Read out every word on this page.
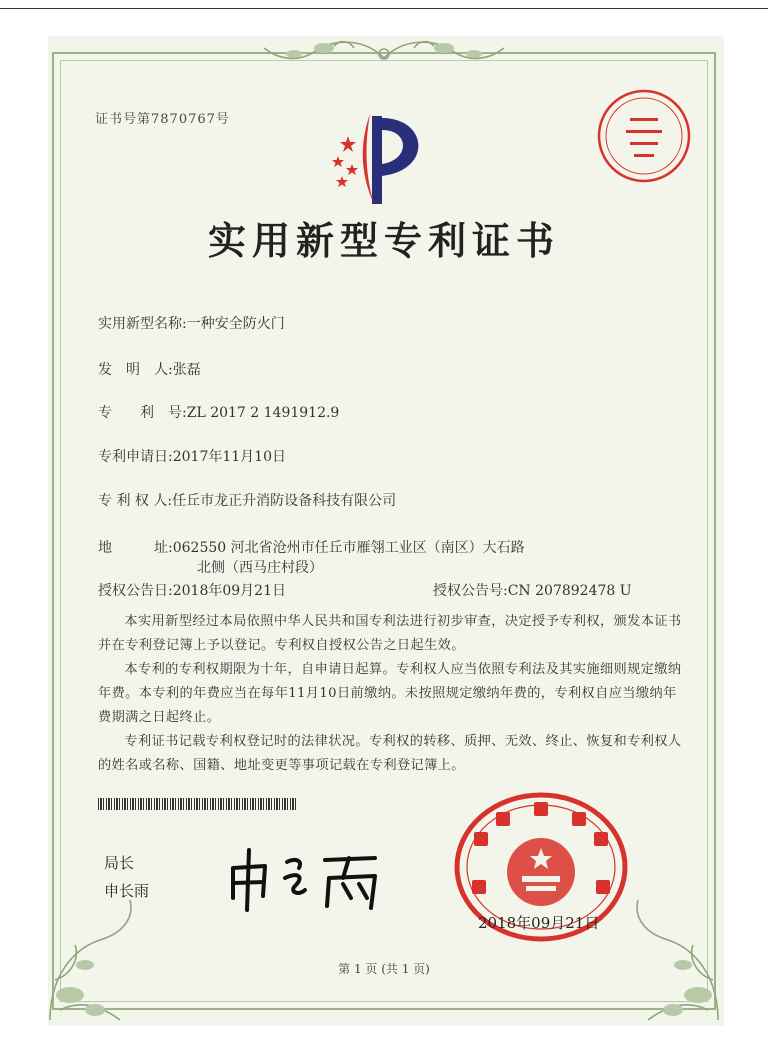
证书号第7870767号
实用新型专利证书
实用新型名称:一种安全防火门
发　明　人:张磊
专　　利　号:ZL 2017 2 1491912.9
专利申请日:2017年11月10日
专 利 权 人:任丘市龙正升消防设备科技有限公司
地　　　址:062550 河北省沧州市任丘市雁翎工业区（南区）大石路
北侧（西马庄村段）
授权公告日:2018年09月21日	授权公告号:CN 207892478 U

本实用新型经过本局依照中华人民共和国专利法进行初步审查，决定授予专利权，颁发本证书并在专利登记簿上予以登记。专利权自授权公告之日起生效。

本专利的专利权期限为十年，自申请日起算。专利权人应当依照专利法及其实施细则规定缴纳年费。本专利的年费应当在每年11月10日前缴纳。未按照规定缴纳年费的，专利权自应当缴纳年费期满之日起终止。

专利证书记载专利权登记时的法律状况。专利权的转移、质押、无效、终止、恢复和专利权人的姓名或名称、国籍、地址变更等事项记载在专利登记簿上。

局长
申长雨
2018年09月21日
第 1 页 (共 1 页)
